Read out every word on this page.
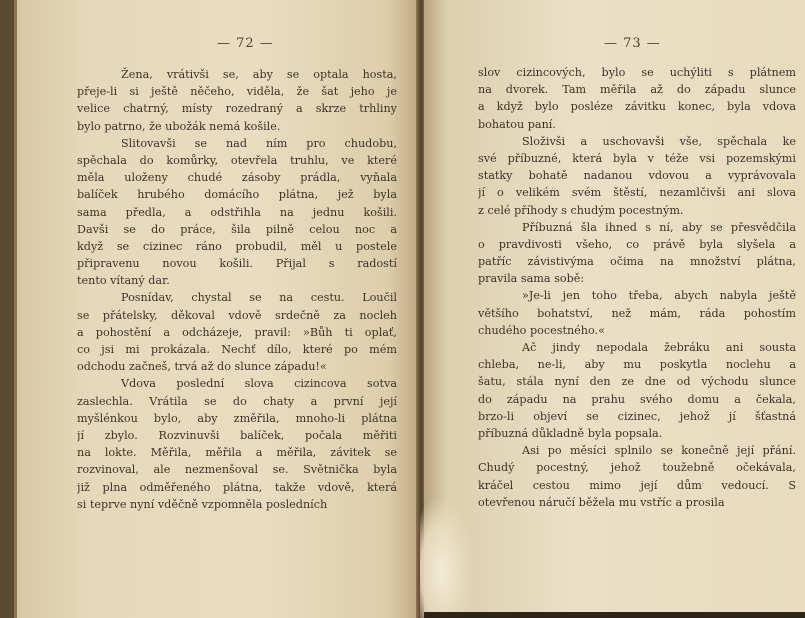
— 72 —
Žena, vrátivši se, aby se optala hosta,
přeje-li si ještě něčeho, viděla, že šat jeho je
velice chatrný, místy rozedraný a skrze trhliny
bylo patrno, že ubožák nemá košile.
Slitovavši se nad ním pro chudobu,
spěchala do komůrky, otevřela truhlu, ve které
měla uloženy chudé zásoby prádla, vyňala
balíček hrubého domácího plátna, jež byla
sama předla, a odstřihla na jednu košili.
Davši se do práce, šila pilně celou noc a
když se cizinec ráno probudil, měl u postele
připravenu novou košili. Přijal s radostí
tento vítaný dar.
Posnídav, chystal se na cestu. Loučil
se přátelsky, děkoval vdově srdečně za nocleh
a pohostění a odcházeje, pravil: »Bůh ti oplať,
co jsi mi prokázala. Nechť dílo, které po mém
odchodu začneš, trvá až do slunce západu!«
Vdova poslední slova cizincova sotva
zaslechla. Vrátila se do chaty a první její
myšlénkou bylo, aby změřila, mnoho-li plátna
jí zbylo. Rozvinuvši balíček, počala měřiti
na lokte. Měřila, měřila a měřila, závitek se
rozvinoval, ale nezmenšoval se. Světnička byla
již plna odměřeného plátna, takže vdově, která
si teprve nyní vděčně vzpomněla posledních
— 73 —
slov cizincových, bylo se uchýliti s plátnem
na dvorek. Tam měřila až do západu slunce
a když bylo posléze závitku konec, byla vdova
bohatou paní.
Složivši a uschovavši vše, spěchala ke
své příbuzné, která byla v téže vsi pozemskými
statky bohatě nadanou vdovou a vyprávovala
jí o velikém svém štěstí, nezamlčivši ani slova
z celé příhody s chudým pocestným.
Příbuzná šla ihned s ní, aby se přesvědčila
o pravdivosti všeho, co právě byla slyšela a
patříc závistivýma očima na množství plátna,
pravila sama sobě:
»Je-li jen toho třeba, abych nabyla ještě
většího bohatství, než mám, ráda pohostím
chudého pocestného.«
Ač jindy nepodala žebráku ani sousta
chleba, ne-li, aby mu poskytla noclehu a
šatu, stála nyní den ze dne od východu slunce
do západu na prahu svého domu a čekala,
brzo-li objeví se cizinec, jehož jí šťastná
příbuzná důkladně byla popsala.
Asi po měsíci splnilo se konečně její přání.
Chudý pocestný, jehož toužebně očekávala,
kráčel cestou mimo její dům vedoucí. S
otevřenou náručí běžela mu vstříc a prosila
